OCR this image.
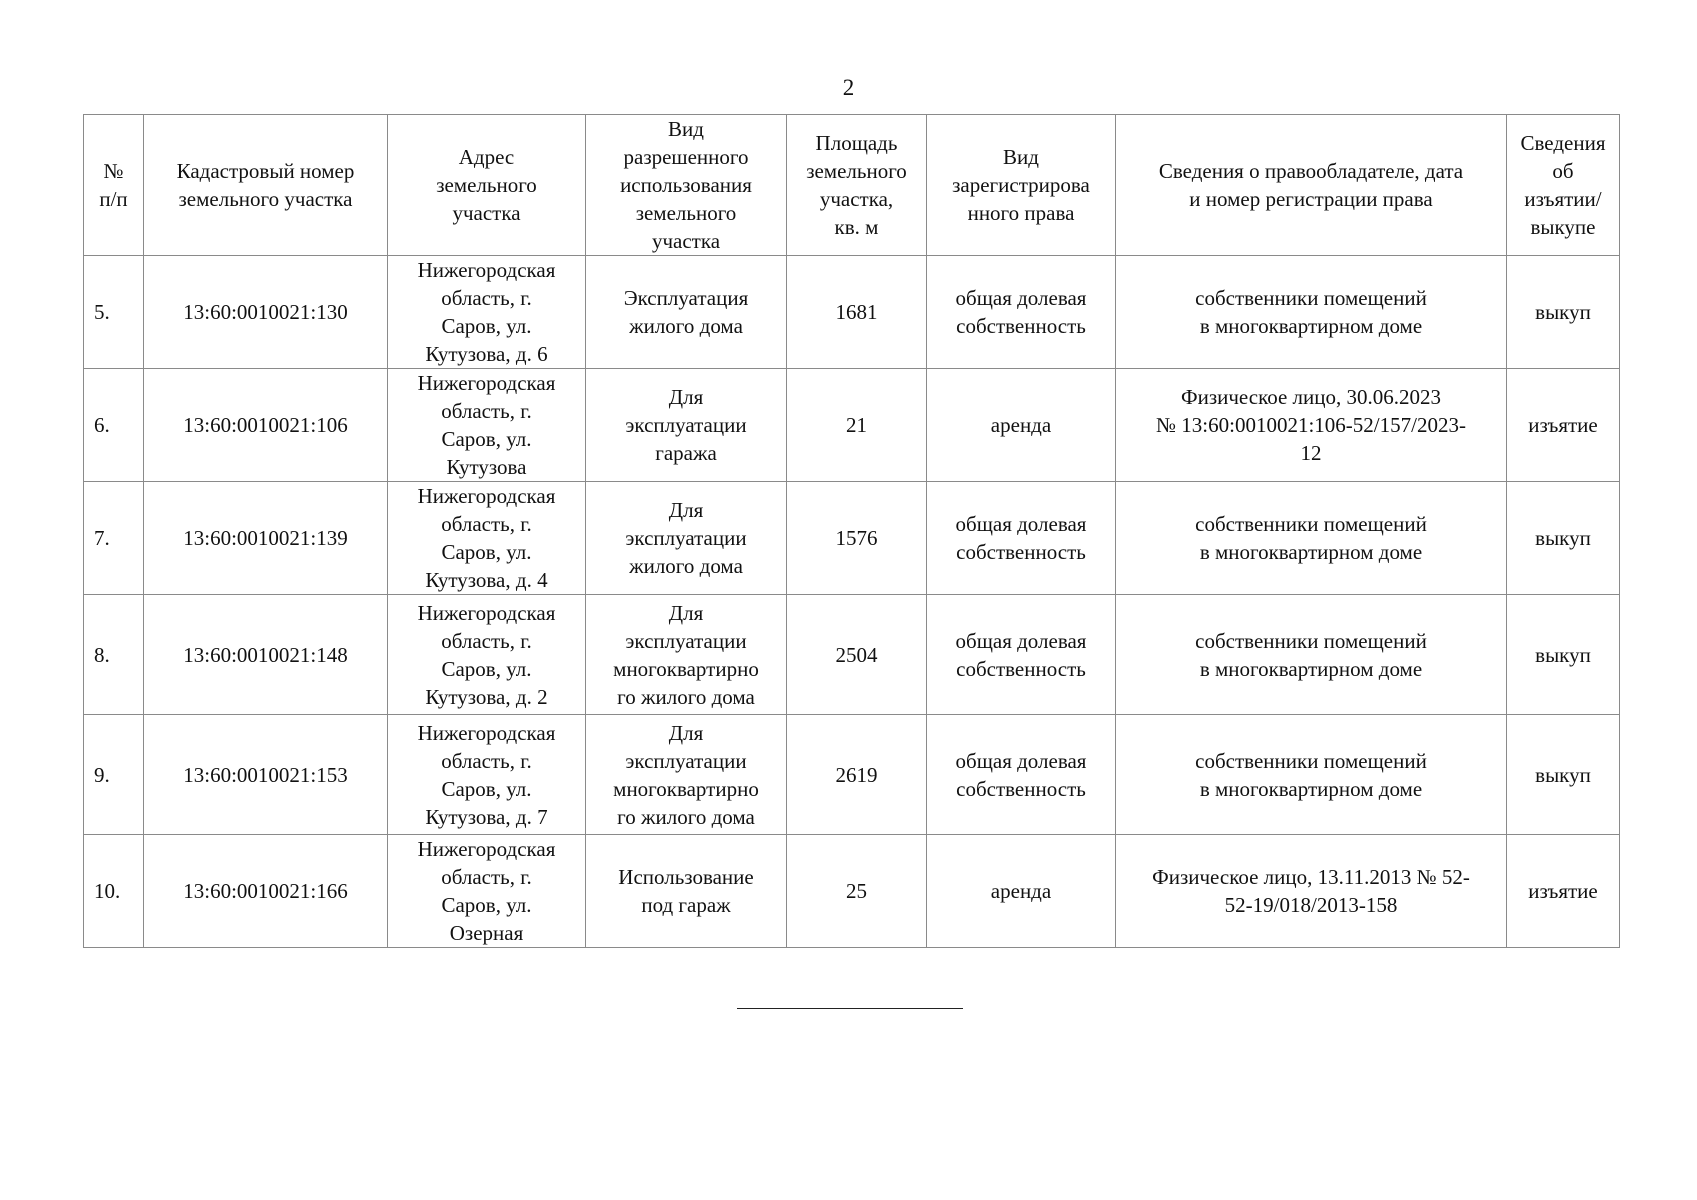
2
№
п/п	Кадастровый номер
земельного участка	Адрес
земельного
участка	Вид
разрешенного
использования
земельного
участка	Площадь
земельного
участка,
кв. м	Вид
зарегистрирова
нного права	Сведения о правообладателе, дата
и номер регистрации права	Сведения
об
изъятии/
выкупе
5.	13:60:0010021:130	Нижегородская
область, г.
Саров, ул.
Кутузова, д. 6	Эксплуатация
жилого дома	1681	общая долевая
собственность	собственники помещений
в многоквартирном доме	выкуп
6.	13:60:0010021:106	Нижегородская
область, г.
Саров, ул.
Кутузова	Для
эксплуатации
гаража	21	аренда	Физическое лицо, 30.06.2023
№ 13:60:0010021:106-52/157/2023-
12	изъятие
7.	13:60:0010021:139	Нижегородская
область, г.
Саров, ул.
Кутузова, д. 4	Для
эксплуатации
жилого дома	1576	общая долевая
собственность	собственники помещений
в многоквартирном доме	выкуп
8.	13:60:0010021:148	Нижегородская
область, г.
Саров, ул.
Кутузова, д. 2	Для
эксплуатации
многоквартирно
го жилого дома	2504	общая долевая
собственность	собственники помещений
в многоквартирном доме	выкуп
9.	13:60:0010021:153	Нижегородская
область, г.
Саров, ул.
Кутузова, д. 7	Для
эксплуатации
многоквартирно
го жилого дома	2619	общая долевая
собственность	собственники помещений
в многоквартирном доме	выкуп
10.	13:60:0010021:166	Нижегородская
область, г.
Саров, ул.
Озерная	Использование
под гараж	25	аренда	Физическое лицо, 13.11.2013 № 52-
52-19/018/2013-158	изъятие
